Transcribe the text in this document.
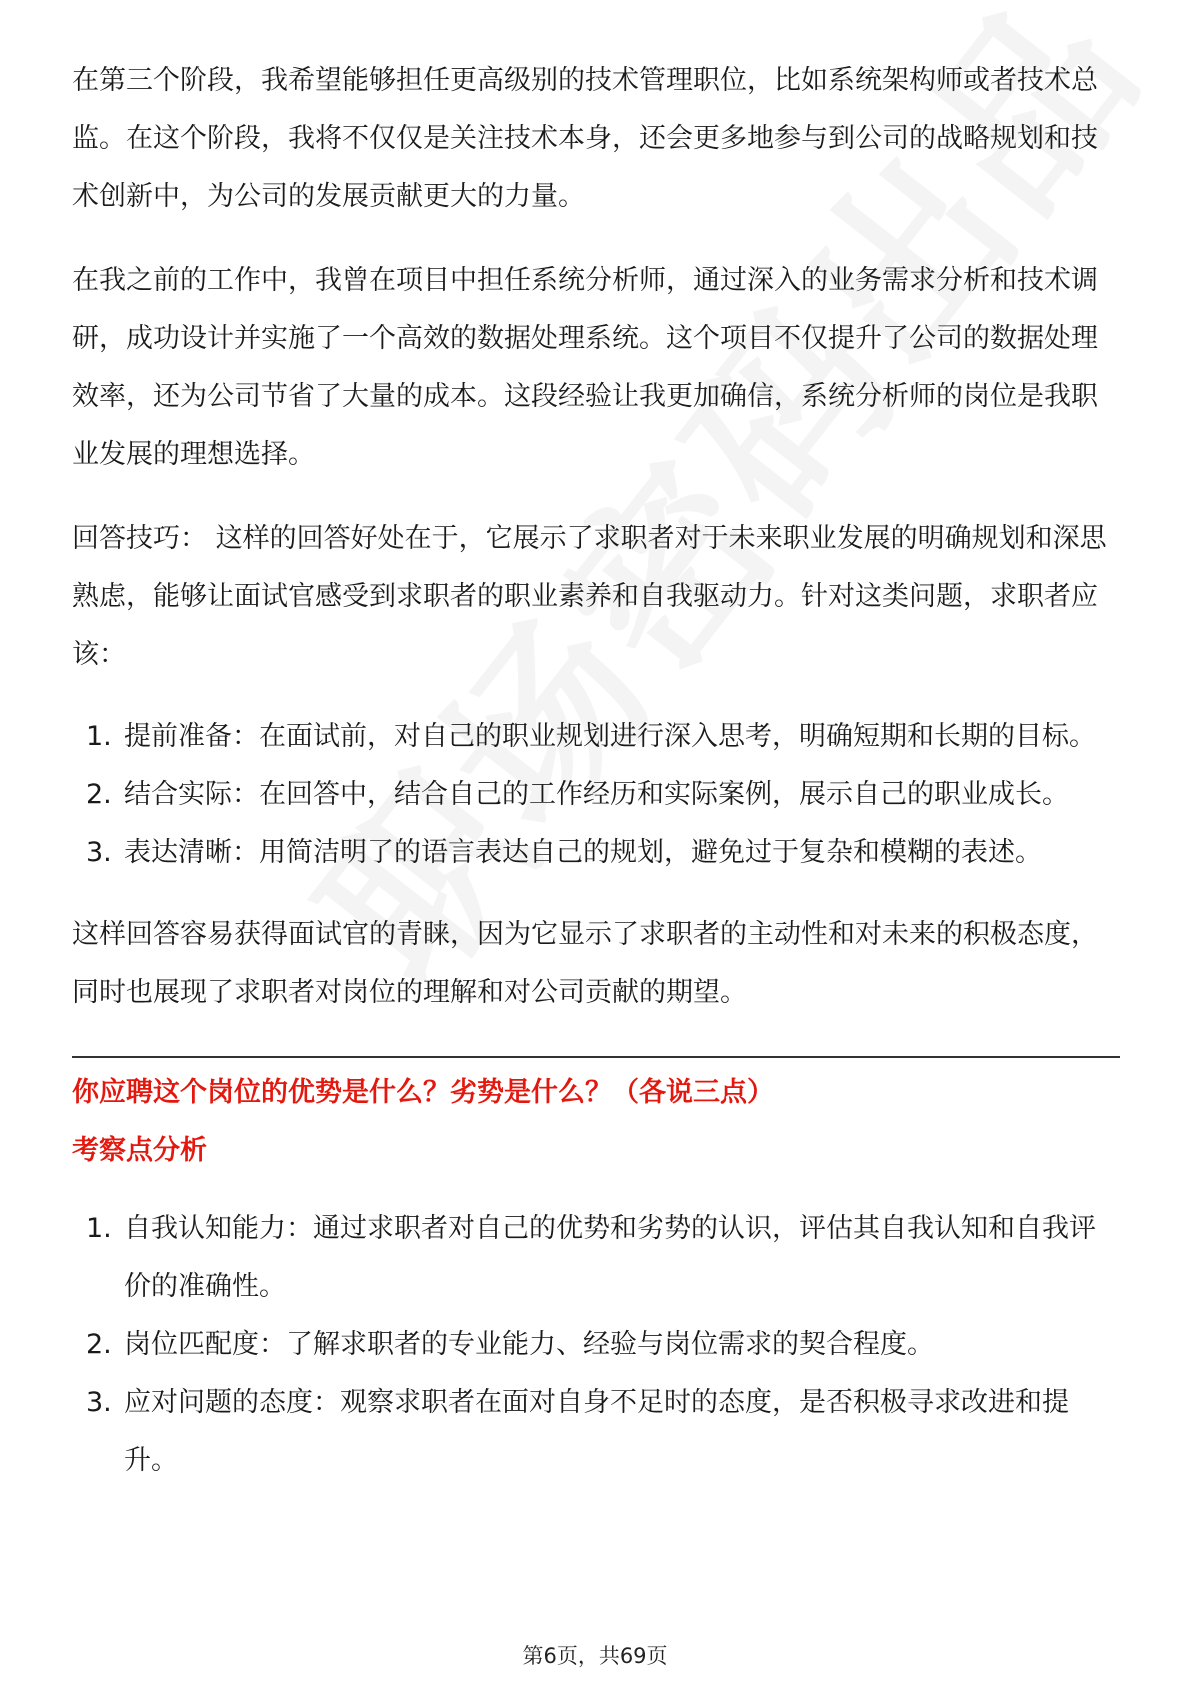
在第三个阶段，我希望能够担任更高级别的技术管理职位，比如系统架构师或者技术总监。在这个阶段，我将不仅仅是关注技术本身，还会更多地参与到公司的战略规划和技术创新中，为公司的发展贡献更大的力量。

在我之前的工作中，我曾在项目中担任系统分析师，通过深入的业务需求分析和技术调研，成功设计并实施了一个高效的数据处理系统。这个项目不仅提升了公司的数据处理效率，还为公司节省了大量的成本。这段经验让我更加确信，系统分析师的岗位是我职业发展的理想选择。

回答技巧： 这样的回答好处在于，它展示了求职者对于未来职业发展的明确规划和深思熟虑，能够让面试官感受到求职者的职业素养和自我驱动力。针对这类问题，求职者应该：

1. 提前准备：在面试前，对自己的职业规划进行深入思考，明确短期和长期的目标。
2. 结合实际：在回答中，结合自己的工作经历和实际案例，展示自己的职业成长。
3. 表达清晰：用简洁明了的语言表达自己的规划，避免过于复杂和模糊的表述。

这样回答容易获得面试官的青睐，因为它显示了求职者的主动性和对未来的积极态度，同时也展现了求职者对岗位的理解和对公司贡献的期望。

你应聘这个岗位的优势是什么？劣势是什么？（各说三点）

考察点分析

1. 自我认知能力：通过求职者对自己的优势和劣势的认识，评估其自我认知和自我评价的准确性。
2. 岗位匹配度：了解求职者的专业能力、经验与岗位需求的契合程度。
3. 应对问题的态度：观察求职者在面对自身不足时的态度，是否积极寻求改进和提升。
第6页，共69页
